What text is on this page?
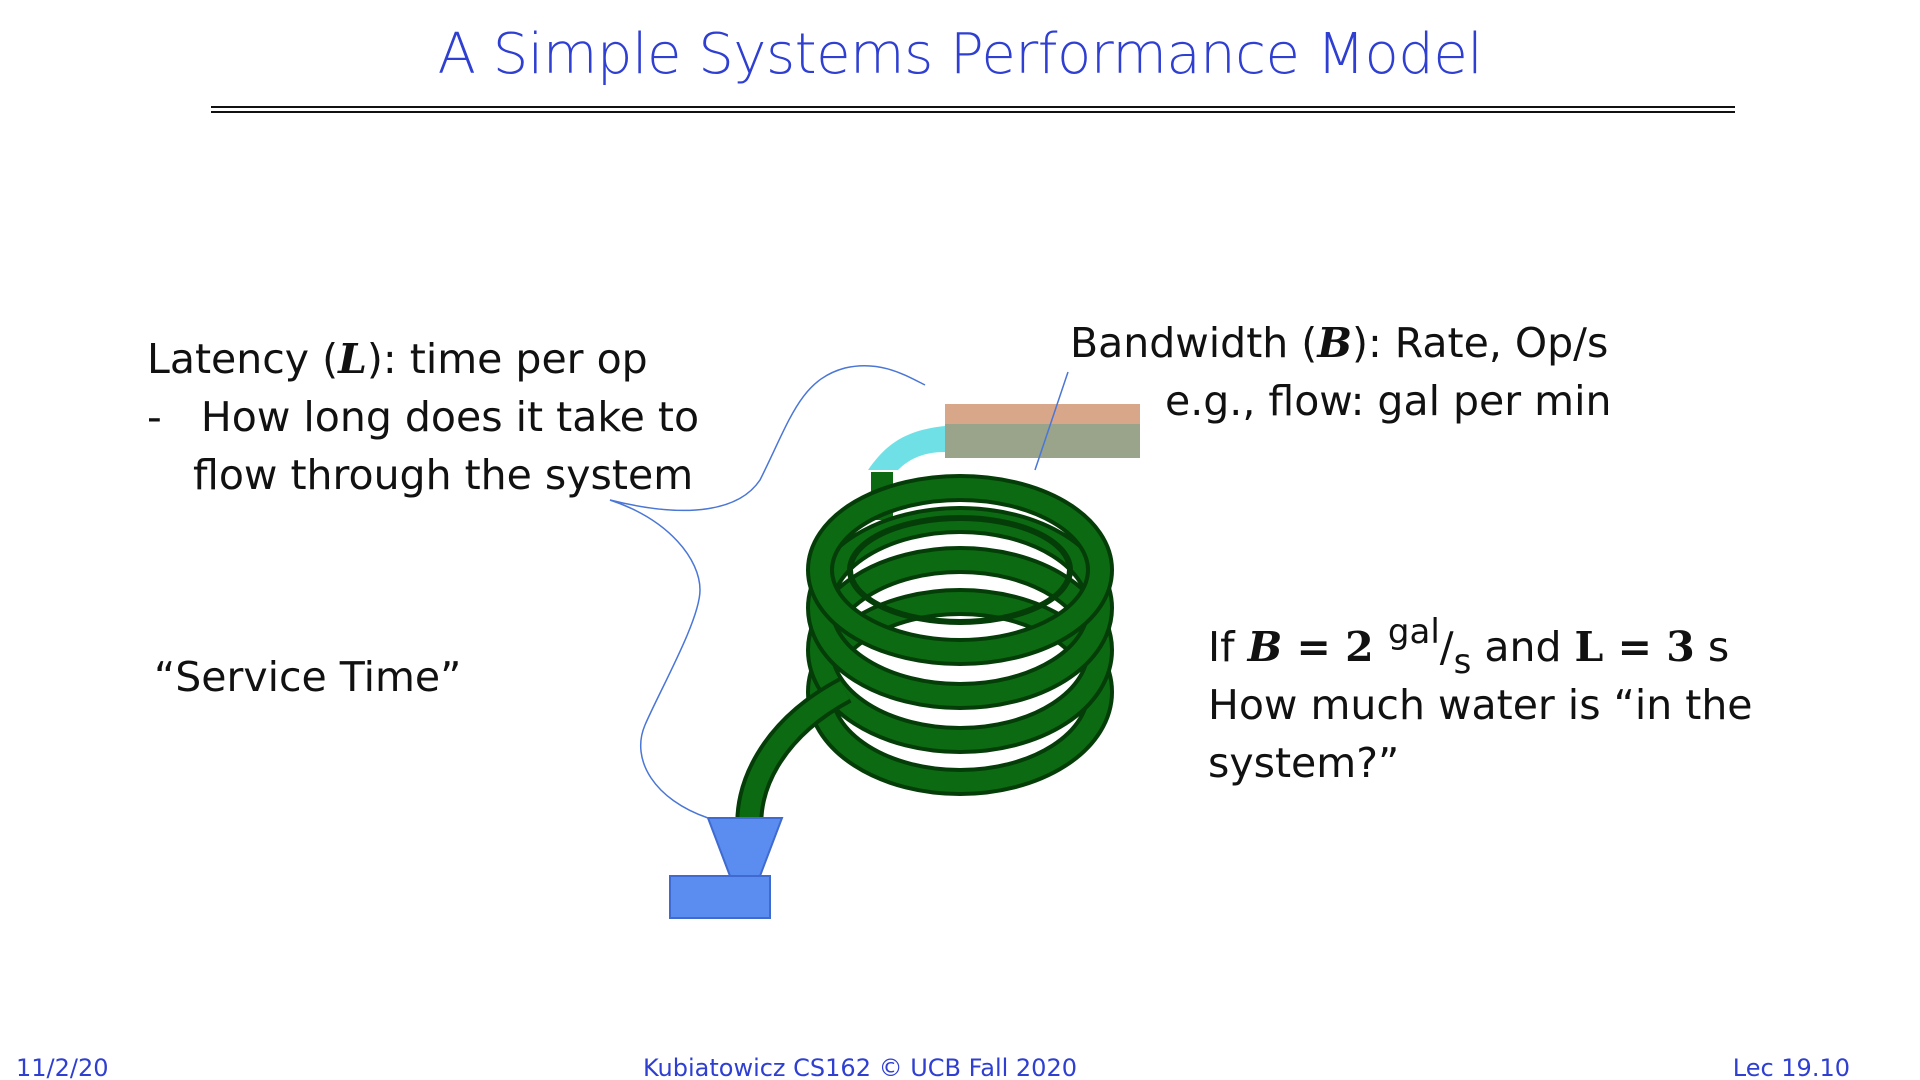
A Simple Systems Performance Model
Latency (L): time per op
- How long does it take to
flow through the system
“Service Time”
Bandwidth (B): Rate, Op/s
e.g., flow: gal per min
If B = 2 $^{gal}/_s$ and L = 3 s
How much water is “in the
system?”
11/2/20	Kubiatowicz CS162 © UCB Fall 2020	Lec 19.10
